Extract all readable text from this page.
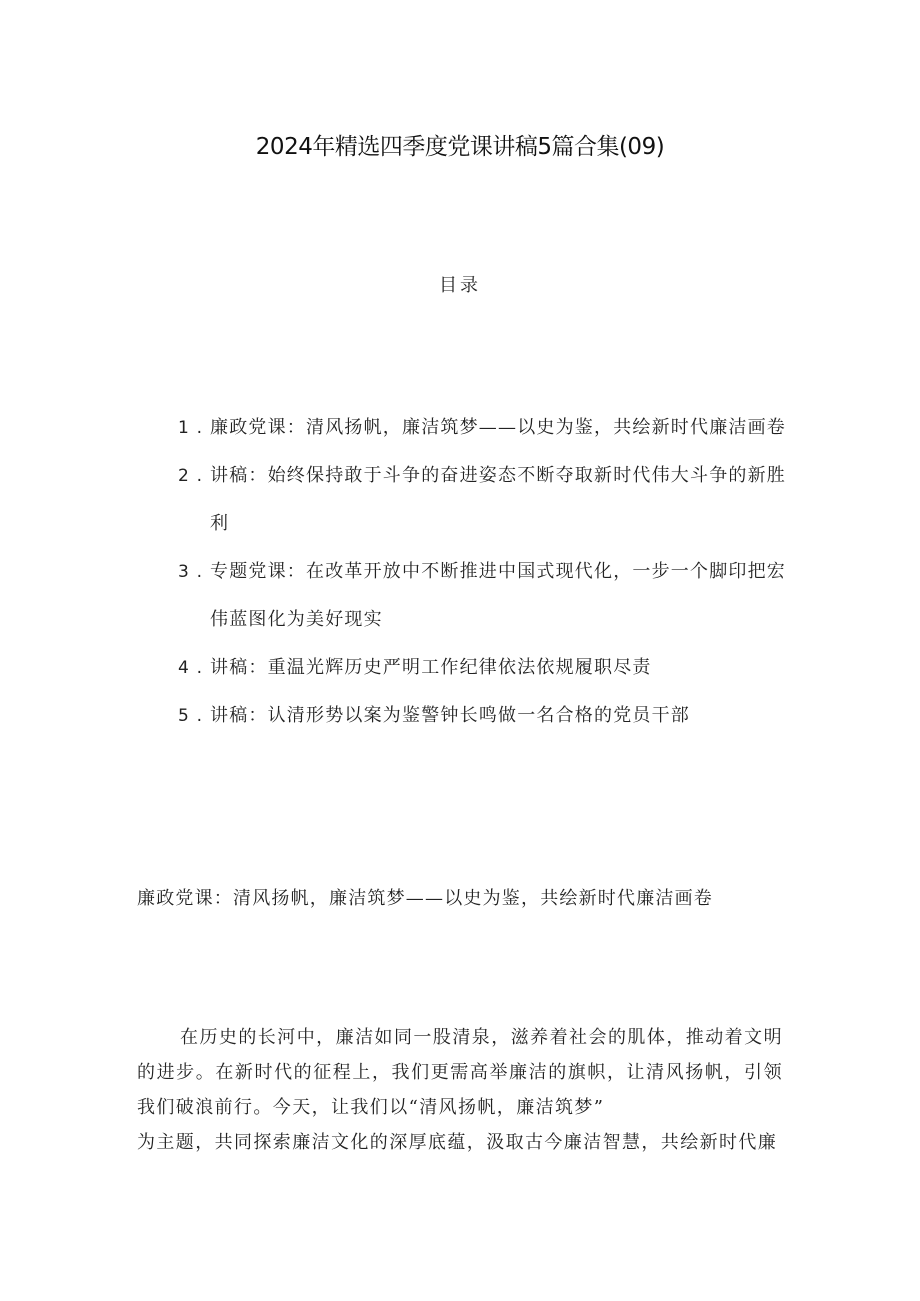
2024年精选四季度党课讲稿5篇合集(09)
目录
1 . 廉政党课：清风扬帆，廉洁筑梦——以史为鉴，共绘新时代廉洁画卷
2 . 讲稿：始终保持敢于斗争的奋进姿态不断夺取新时代伟大斗争的新胜利
3 . 专题党课：在改革开放中不断推进中国式现代化，一步一个脚印把宏伟蓝图化为美好现实
4 . 讲稿：重温光辉历史严明工作纪律依法依规履职尽责
5 . 讲稿：认清形势以案为鉴警钟长鸣做一名合格的党员干部
廉政党课：清风扬帆，廉洁筑梦——以史为鉴，共绘新时代廉洁画卷

在历史的长河中，廉洁如同一股清泉，滋养着社会的肌体，推动着文明的进步。在新时代的征程上，我们更需高举廉洁的旗帜，让清风扬帆，引领我们破浪前行。今天，让我们以“清风扬帆，廉洁筑梦”

为主题，共同探索廉洁文化的深厚底蕴，汲取古今廉洁智慧，共绘新时代廉
